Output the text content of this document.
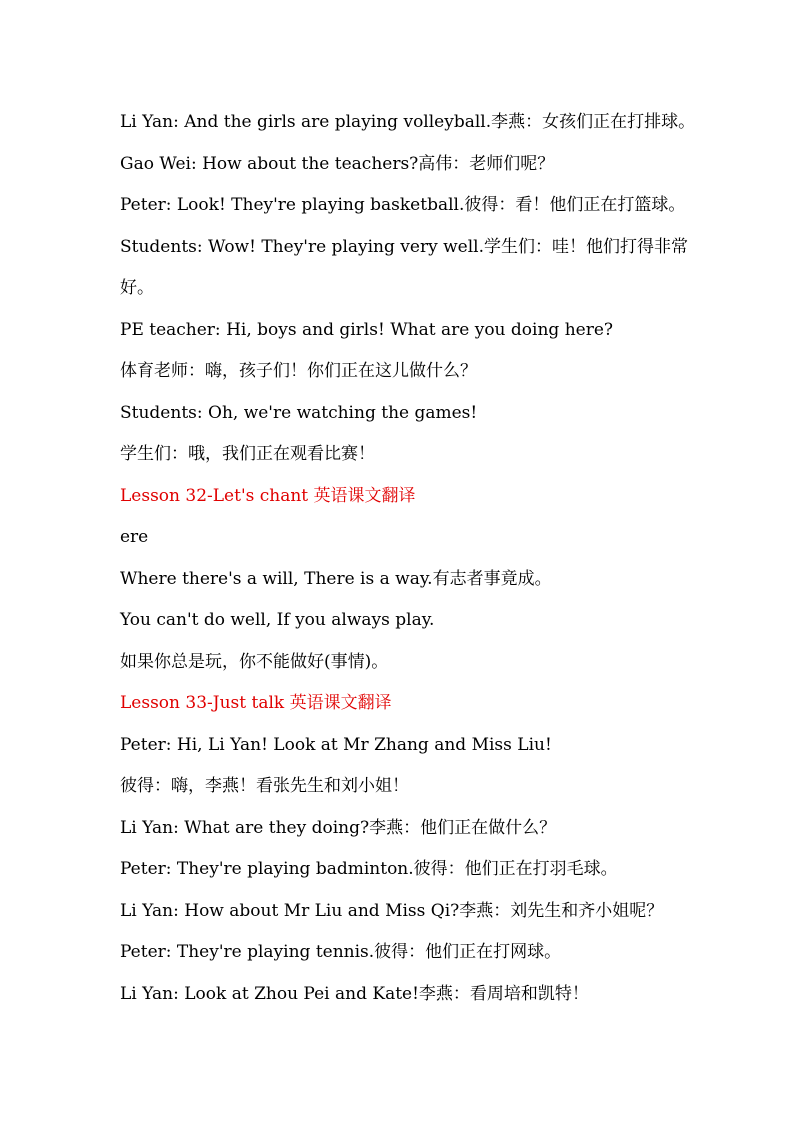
Li Yan: And the girls are playing volleyball.李燕：女孩们正在打排球。
Gao Wei: How about the teachers?高伟：老师们呢？
Peter: Look! They're playing basketball.彼得：看！他们正在打篮球。
Students: Wow! They're playing very well.学生们：哇！他们打得非常
好。
PE teacher: Hi, boys and girls! What are you doing here?
体育老师：嗨，孩子们！你们正在这儿做什么？
Students: Oh, we're watching the games!
学生们：哦，我们正在观看比赛！
Lesson 32-Let's chant 英语课文翻译
ere
Where there's a will, There is a way.有志者事竟成。
You can't do well, If you always play.
如果你总是玩，你不能做好(事情)。
Lesson 33-Just talk 英语课文翻译
Peter: Hi, Li Yan! Look at Mr Zhang and Miss Liu!
彼得：嗨，李燕！看张先生和刘小姐！
Li Yan: What are they doing?李燕：他们正在做什么？
Peter: They're playing badminton.彼得：他们正在打羽毛球。
Li Yan: How about Mr Liu and Miss Qi?李燕：刘先生和齐小姐呢？
Peter: They're playing tennis.彼得：他们正在打网球。
Li Yan: Look at Zhou Pei and Kate!李燕：看周培和凯特！
